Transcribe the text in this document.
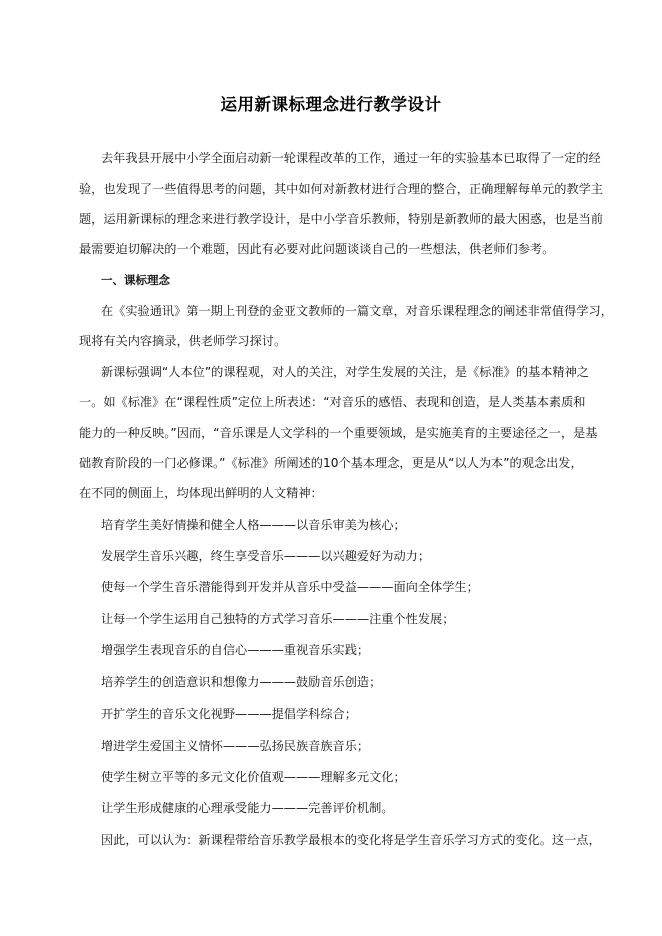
运用新课标理念进行教学设计
去年我县开展中小学全面启动新一轮课程改革的工作，通过一年的实验基本已取得了一定的经
验，也发现了一些值得思考的问题，其中如何对新教材进行合理的整合，正确理解每单元的教学主
题，运用新课标的理念来进行教学设计，是中小学音乐教师，特别是新教师的最大困惑，也是当前
最需要迫切解决的一个难题，因此有必要对此问题谈谈自己的一些想法，供老师们参考。
一、课标理念
在《实验通讯》第一期上刊登的金亚文教师的一篇文章，对音乐课程理念的阐述非常值得学习，
现将有关内容摘录，供老师学习探讨。
新课标强调“人本位”的课程观，对人的关注，对学生发展的关注，是《标准》的基本精神之
一。如《标准》在“课程性质”定位上所表述：“对音乐的感悟、表现和创造，是人类基本素质和
能力的一种反映。”因而，“音乐课是人文学科的一个重要领域，是实施美育的主要途径之一，是基
础教育阶段的一门必修课。”《标准》所阐述的10个基本理念，更是从“以人为本”的观念出发，
在不同的侧面上，均体现出鲜明的人文精神：
培育学生美好情操和健全人格———以音乐审美为核心；
发展学生音乐兴趣，终生享受音乐———以兴趣爱好为动力；
使每一个学生音乐潜能得到开发并从音乐中受益———面向全体学生；
让每一个学生运用自己独特的方式学习音乐———注重个性发展；
增强学生表现音乐的自信心———重视音乐实践；
培养学生的创造意识和想像力———鼓励音乐创造；
开扩学生的音乐文化视野———提倡学科综合；
增进学生爱国主义情怀———弘扬民族音族音乐；
使学生树立平等的多元文化价值观———理解多元文化；
让学生形成健康的心理承受能力———完善评价机制。
因此，可以认为：新课程带给音乐教学最根本的变化将是学生音乐学习方式的变化。这一点，
